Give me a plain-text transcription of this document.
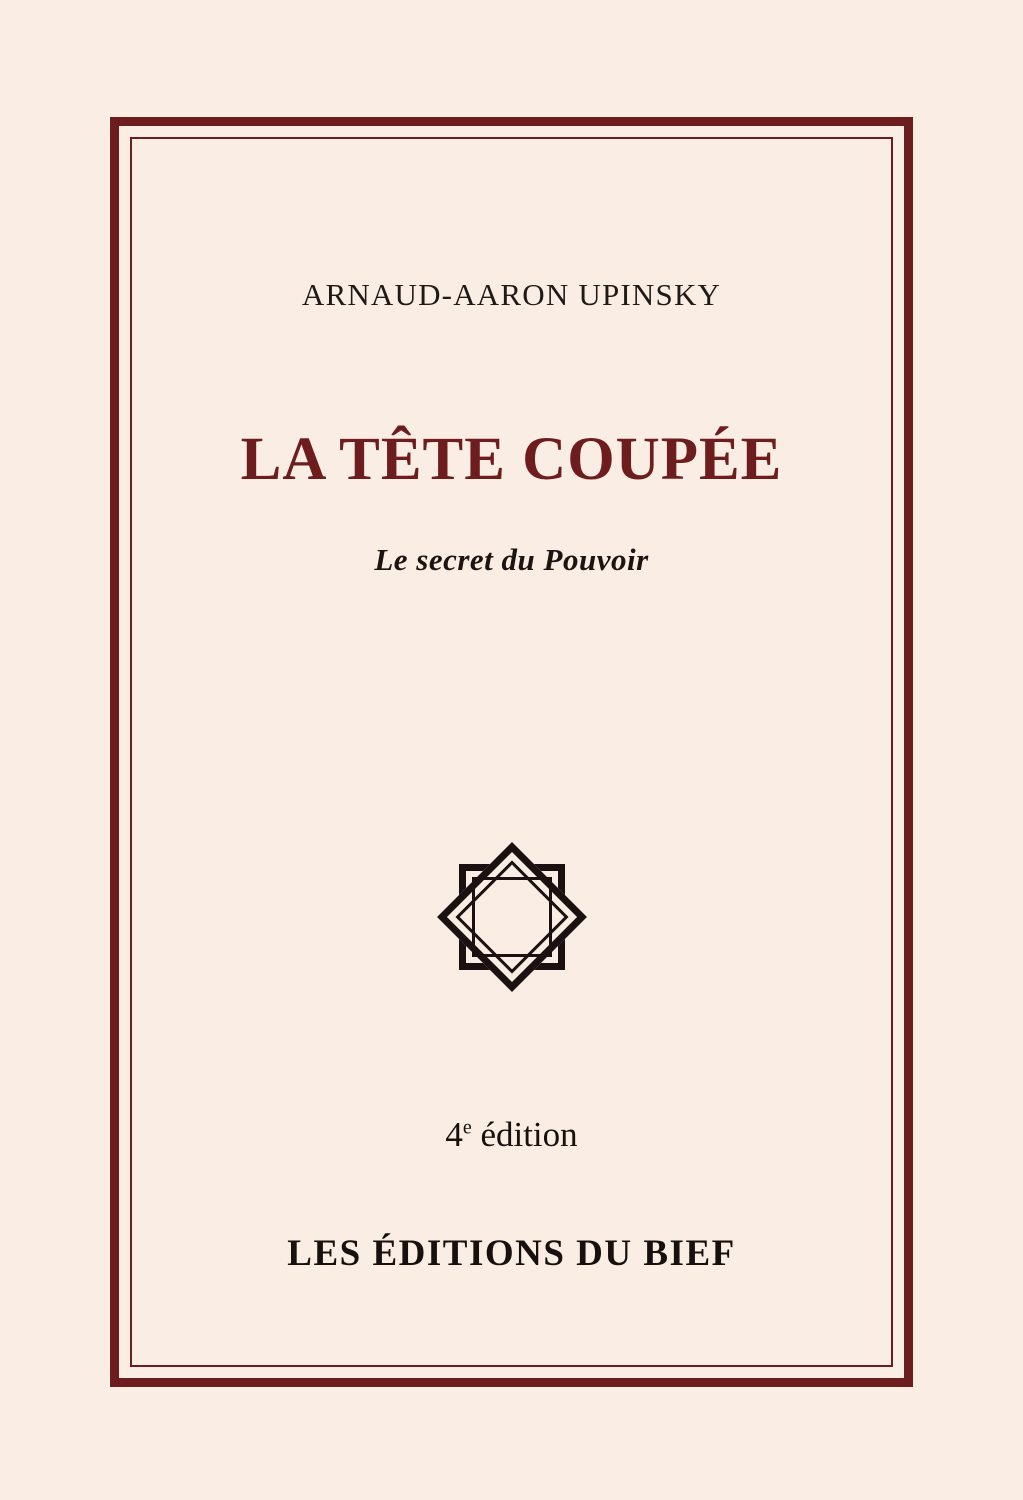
ARNAUD-AARON UPINSKY
LA TÊTE COUPÉE
Le secret du Pouvoir
4e édition
LES ÉDITIONS DU BIEF
